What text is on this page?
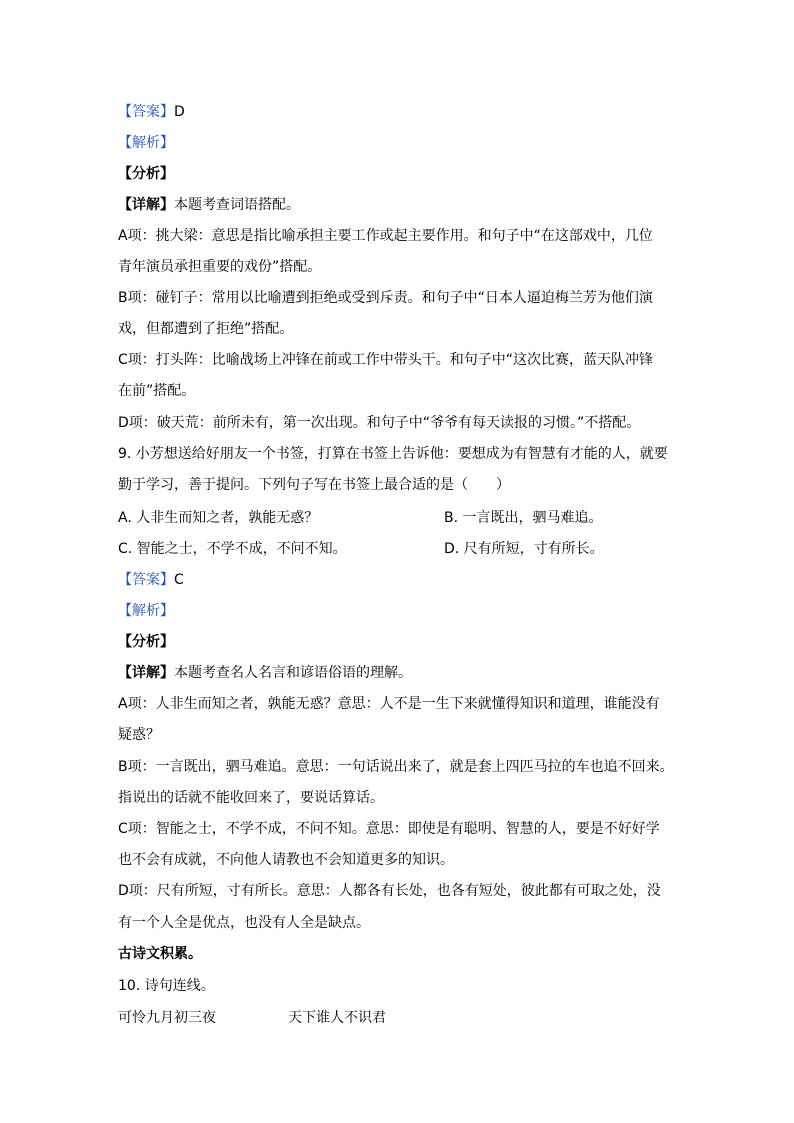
【答案】D
【解析】
【分析】
【详解】本题考查词语搭配。
A项：挑大梁：意思是指比喻承担主要工作或起主要作用。和句子中“在这部戏中，几位
青年演员承担重要的戏份”搭配。
B项：碰钉子：常用以比喻遭到拒绝或受到斥责。和句子中“日本人逼迫梅兰芳为他们演
戏，但都遭到了拒绝”搭配。
C项：打头阵：比喻战场上冲锋在前或工作中带头干。和句子中“这次比赛，蓝天队冲锋
在前”搭配。
D项：破天荒：前所未有，第一次出现。和句子中“爷爷有每天读报的习惯。”不搭配。
9. 小芳想送给好朋友一个书签，打算在书签上告诉他：要想成为有智慧有才能的人，就要
勤于学习，善于提问。下列句子写在书签上最合适的是（　　）
A. 人非生而知之者，孰能无惑？	B. 一言既出，驷马难追。
C. 智能之士，不学不成，不问不知。	D. 尺有所短，寸有所长。
【答案】C
【解析】
【分析】
【详解】本题考查名人名言和谚语俗语的理解。
A项：人非生而知之者，孰能无惑？意思：人不是一生下来就懂得知识和道理，谁能没有
疑惑？
B项：一言既出，驷马难追。意思：一句话说出来了，就是套上四匹马拉的车也追不回来。
指说出的话就不能收回来了，要说话算话。
C项：智能之士，不学不成，不问不知。意思：即使是有聪明、智慧的人，要是不好好学
也不会有成就，不向他人请教也不会知道更多的知识。
D项：尺有所短，寸有所长。意思：人都各有长处，也各有短处，彼此都有可取之处，没
有一个人全是优点，也没有人全是缺点。
古诗文积累。
10. 诗句连线。
可怜九月初三夜	天下谁人不识君
